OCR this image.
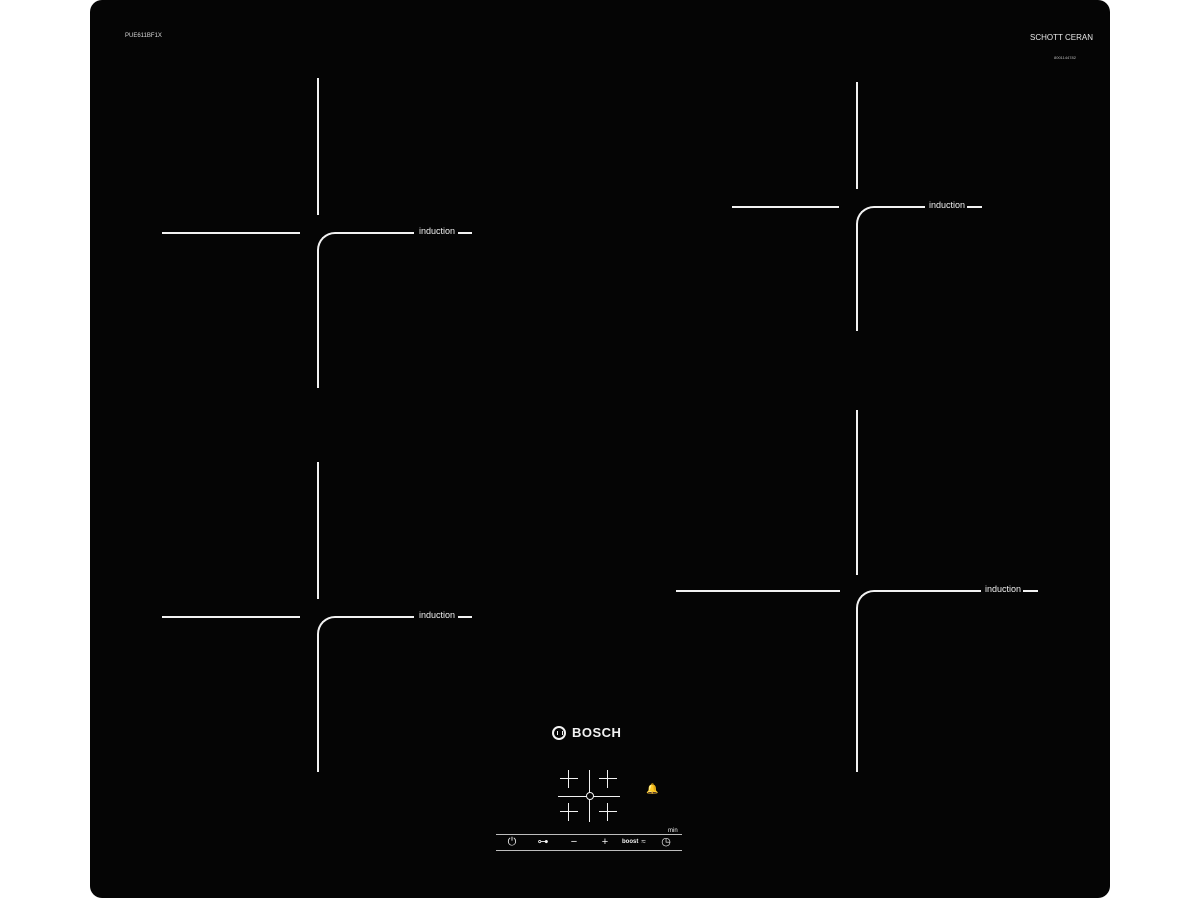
PUE611BF1X	SCHOTT CERAN
8001144782
induction
induction
induction
induction
BOSCH
🔔
⏻	⊶	−	+	boost ≈	◷
min
